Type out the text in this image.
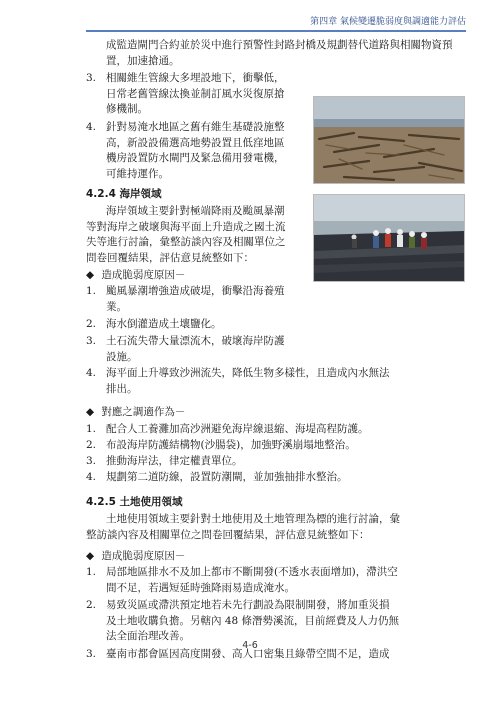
第四章 氣候變遷脆弱度與調適能力評估
成監造閘門合約並於災中進行預警性封路封橋及規劃替代道路與相關物資預置，加速搶通。
3. 相關維生管線大多埋設地下，衝擊低，
日常老舊管線汰換並制訂風水災復原搶
修機制。
4. 針對易淹水地區之舊有維生基礎設施整
高，新設設備選高地勢設置且低窪地區
機房設置防水閘門及緊急備用發電機，
可維持運作。
4.2.4 海岸領域
海岸領域主要針對極端降雨及颱風暴潮
等對海岸之破壞與海平面上升造成之國土流
失等進行討論，彙整訪談內容及相關單位之
問卷回覆結果，評估意見統整如下：
◆ 造成脆弱度原因－
1. 颱風暴潮增強造成破堤，衝擊沿海養殖
業。
2. 海水倒灌造成土壤鹽化。
3. 土石流失帶大量漂流木，破壞海岸防護
設施。
4. 海平面上升導致沙洲流失，降低生物多樣性，且造成內水無法
排出。
◆ 對應之調適作為－
1. 配合人工養灘加高沙洲避免海岸線退縮、海堤高程防護。
2. 布設海岸防護結構物(沙腸袋)，加強野溪崩塌地整治。
3. 推動海岸法，律定權責單位。
4. 規劃第二道防線，設置防潮閘，並加強抽排水整治。
4.2.5 土地使用領域
土地使用領域主要針對土地使用及土地管理為標的進行討論，彙
整訪談內容及相關單位之問卷回覆結果，評估意見統整如下：
◆ 造成脆弱度原因－
1. 局部地區排水不及加上都市不斷開發(不透水表面增加)，滯洪空
間不足，若遇短延時強降雨易造成淹水。
2. 易致災區或滯洪預定地若未先行劃設為限制開發，將加重災損
及土地收購負擔。另轄內 48 條潛勢溪流，目前經費及人力仍無
法全面治理改善。
3. 臺南市都會區因高度開發、高人口密集且綠帶空間不足，造成
4-6
